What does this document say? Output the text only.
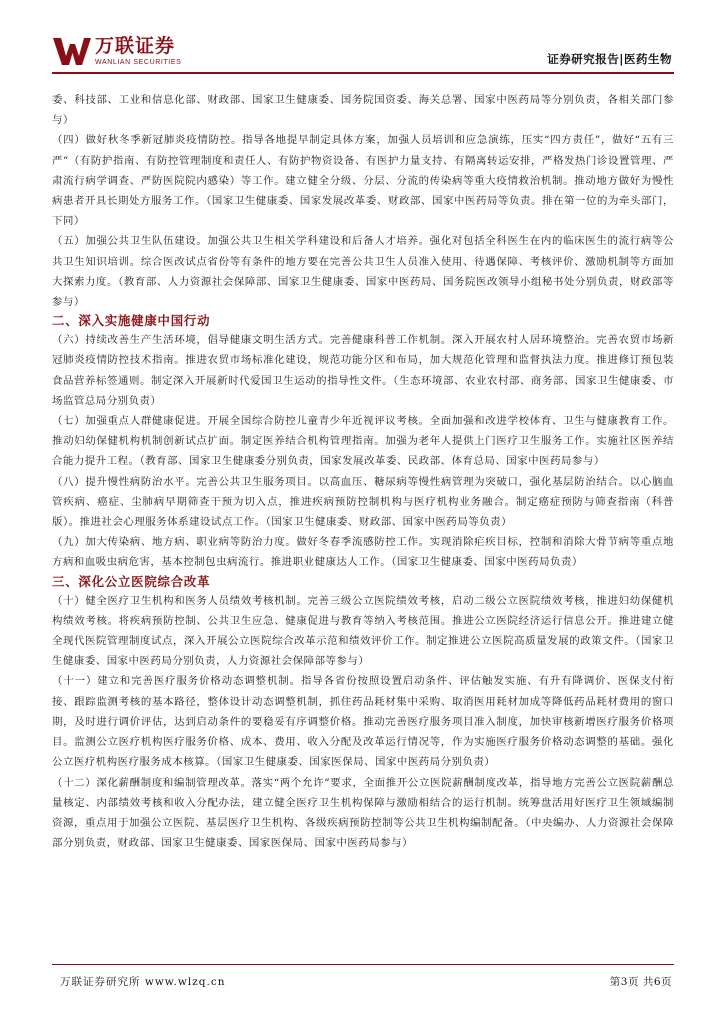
万联证券
WANLIAN SECURITIES	证券研究报告|医药生物

委、科技部、工业和信息化部、财政部、国家卫生健康委、国务院国资委、海关总署、国家中医药局等分别负责，各相关部门参与）

（四）做好秋冬季新冠肺炎疫情防控。指导各地提早制定具体方案，加强人员培训和应急演练，压实“四方责任”，做好“五有三严”（有防护指南、有防控管理制度和责任人、有防护物资设备、有医护力量支持、有隔离转运安排，严格发热门诊设置管理、严肃流行病学调查、严防医院院内感染）等工作。建立健全分级、分层、分流的传染病等重大疫情救治机制。推动地方做好为慢性病患者开具长期处方服务工作。（国家卫生健康委、国家发展改革委、财政部、国家中医药局等负责。排在第一位的为牵头部门，下同）

（五）加强公共卫生队伍建设。加强公共卫生相关学科建设和后备人才培养。强化对包括全科医生在内的临床医生的流行病等公共卫生知识培训。综合医改试点省份等有条件的地方要在完善公共卫生人员准入使用、待遇保障、考核评价、激励机制等方面加大探索力度。（教育部、人力资源社会保障部、国家卫生健康委、国家中医药局、国务院医改领导小组秘书处分别负责，财政部等参与）

二、深入实施健康中国行动

（六）持续改善生产生活环境，倡导健康文明生活方式。完善健康科普工作机制。深入开展农村人居环境整治。完善农贸市场新冠肺炎疫情防控技术指南。推进农贸市场标准化建设，规范功能分区和布局，加大规范化管理和监督执法力度。推进修订预包装食品营养标签通则。制定深入开展新时代爱国卫生运动的指导性文件。（生态环境部、农业农村部、商务部、国家卫生健康委、市场监管总局分别负责）

（七）加强重点人群健康促进。开展全国综合防控儿童青少年近视评议考核。全面加强和改进学校体育、卫生与健康教育工作。推动妇幼保健机构机制创新试点扩面。制定医养结合机构管理指南。加强为老年人提供上门医疗卫生服务工作。实施社区医养结合能力提升工程。（教育部、国家卫生健康委分别负责，国家发展改革委、民政部、体育总局、国家中医药局参与）

（八）提升慢性病防治水平。完善公共卫生服务项目。以高血压、糖尿病等慢性病管理为突破口，强化基层防治结合。以心脑血管疾病、癌症、尘肺病早期筛查干预为切入点，推进疾病预防控制机构与医疗机构业务融合。制定癌症预防与筛查指南（科普版）。推进社会心理服务体系建设试点工作。（国家卫生健康委、财政部、国家中医药局等负责）

（九）加大传染病、地方病、职业病等防治力度。做好冬春季流感防控工作。实现消除疟疾目标，控制和消除大骨节病等重点地方病和血吸虫病危害，基本控制包虫病流行。推进职业健康达人工作。（国家卫生健康委、国家中医药局负责）

三、深化公立医院综合改革

（十）健全医疗卫生机构和医务人员绩效考核机制。完善三级公立医院绩效考核，启动二级公立医院绩效考核，推进妇幼保健机构绩效考核。将疾病预防控制、公共卫生应急、健康促进与教育等纳入考核范围。推进公立医院经济运行信息公开。推进建立健全现代医院管理制度试点，深入开展公立医院综合改革示范和绩效评价工作。制定推进公立医院高质量发展的政策文件。（国家卫生健康委、国家中医药局分别负责，人力资源社会保障部等参与）

（十一）建立和完善医疗服务价格动态调整机制。指导各省份按照设置启动条件、评估触发实施、有升有降调价、医保支付衔接、跟踪监测考核的基本路径，整体设计动态调整机制，抓住药品耗材集中采购、取消医用耗材加成等降低药品耗材费用的窗口期，及时进行调价评估，达到启动条件的要稳妥有序调整价格。推动完善医疗服务项目准入制度，加快审核新增医疗服务价格项目。监测公立医疗机构医疗服务价格、成本、费用、收入分配及改革运行情况等，作为实施医疗服务价格动态调整的基础。强化公立医疗机构医疗服务成本核算。（国家卫生健康委、国家医保局、国家中医药局分别负责）

（十二）深化薪酬制度和编制管理改革。落实“两个允许”要求，全面推开公立医院薪酬制度改革，指导地方完善公立医院薪酬总量核定、内部绩效考核和收入分配办法，建立健全医疗卫生机构保障与激励相结合的运行机制。统筹盘活用好医疗卫生领域编制资源，重点用于加强公立医院、基层医疗卫生机构、各级疾病预防控制等公共卫生机构编制配备。（中央编办、人力资源社会保障部分别负责，财政部、国家卫生健康委、国家医保局、国家中医药局参与）

万联证券研究所 www.wlzq.cn	第3页 共6页
